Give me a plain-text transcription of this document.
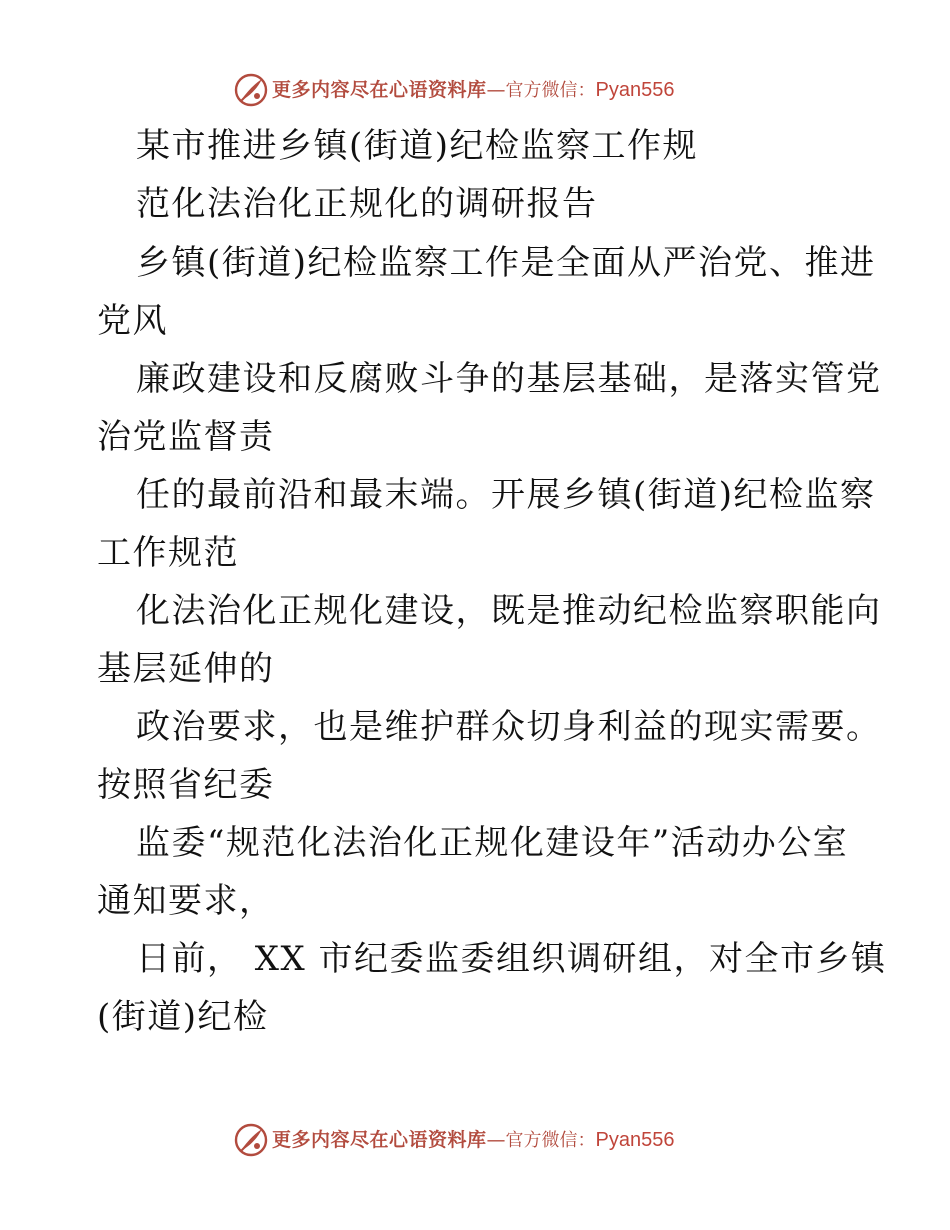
更多内容尽在心语资料库—官方微信：Pyan556
某市推进乡镇(街道)纪检监察工作规
范化法治化正规化的调研报告
乡镇(街道)纪检监察工作是全面从严治党、推进
党风
廉政建设和反腐败斗争的基层基础，是落实管党
治党监督责
任的最前沿和最末端。开展乡镇(街道)纪检监察
工作规范
化法治化正规化建设，既是推动纪检监察职能向
基层延伸的
政治要求，也是维护群众切身利益的现实需要。
按照省纪委
监委“规范化法治化正规化建设年”活动办公室
通知要求，
日前， XX 市纪委监委组织调研组，对全市乡镇
(街道)纪检
更多内容尽在心语资料库—官方微信：Pyan556
